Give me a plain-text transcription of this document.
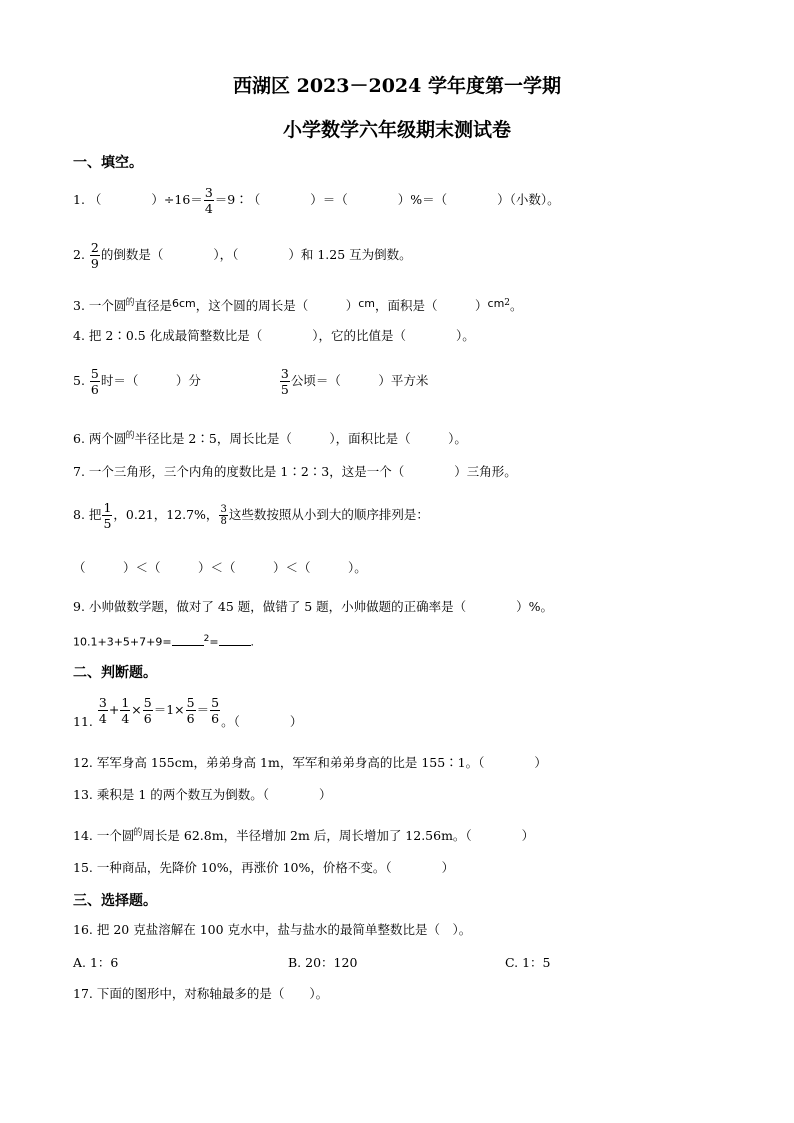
西湖区 2023－2024 学年度第一学期
小学数学六年级期末测试卷
一、填空。
1. （　　　　）$\div 16= \frac{3}{4}$ ＝9∶（　　　　）＝（　　　　）%＝（　　　　）（小数）。
2. $\frac{2}{9}$ 的倒数是（　　　　），（　　　　）和 1.25 互为倒数。
3. 一个圆$^的$直径是6cm，这个圆的周长是（　　　）cm，面积是（　　　）$cm^2$。
4. 把 2∶0.5 化成最简整数比是（　　　　），它的比值是（　　　　）。
5. $\frac{5}{6}$ 时＝（　　　）分	$\frac{3}{5}$ 公顷＝（　　　）平方米
6. 两个圆$^的$半径比是 2∶5，周长比是（　　　），面积比是（　　　）。
7. 一个三角形，三个内角的度数比是 1∶2∶3，这是一个（　　　　）三角形。
8. 把 $\frac{1}{5}$ ，0.21，12.7%， $\frac{3}{8}$ 这些数按照从小到大的顺序排列是：
（　　　）＜（　　　）＜（　　　）＜（　　　）。
9. 小帅做数学题，做对了 45 题，做错了 5 题，小帅做题的正确率是（　　　　）%。
10.1+3+5+7+9=	$^2$=	.
二、判断题。
11. $\frac{3}{4} + \frac{1}{4} \times \frac{5}{6} =1\times \frac{5}{6} = \frac{5}{6}$ 。（　　　　）
12. 军军身高 155cm，弟弟身高 1m，军军和弟弟身高的比是 155∶1。（　　　　）
13. 乘积是 1 的两个数互为倒数。（　　　　）
14. 一个圆$^的$周长是 62.8m，半径增加 2m 后，周长增加了 12.56m。（　　　　）
15. 一种商品，先降价 10%，再涨价 10%，价格不变。（　　　　）
三、选择题。
16. 把 20 克盐溶解在 100 克水中，盐与盐水的最简单整数比是（　）。
A. 1：6	B. 20：120	C. 1：5
17. 下面的图形中，对称轴最多的是（　　）。
